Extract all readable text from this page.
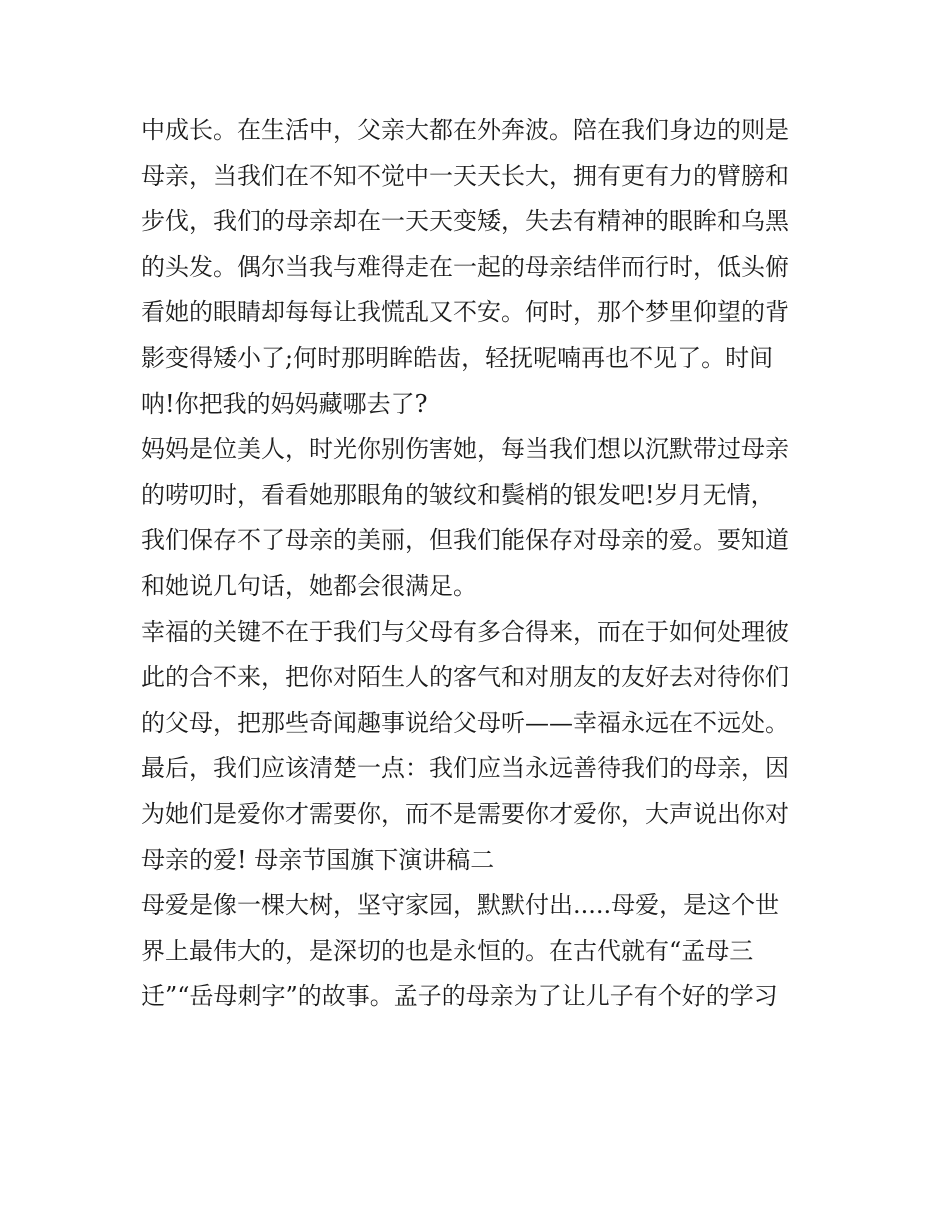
中成长。在生活中，父亲大都在外奔波。陪在我们身边的则是
母亲，当我们在不知不觉中一天天长大，拥有更有力的臂膀和
步伐，我们的母亲却在一天天变矮，失去有精神的眼眸和乌黑
的头发。偶尔当我与难得走在一起的母亲结伴而行时，低头俯
看她的眼睛却每每让我慌乱又不安。何时，那个梦里仰望的背
影变得矮小了;何时那明眸皓齿，轻抚呢喃再也不见了。时间
呐!你把我的妈妈藏哪去了?
妈妈是位美人，时光你别伤害她，每当我们想以沉默带过母亲
的唠叨时，看看她那眼角的皱纹和鬓梢的银发吧!岁月无情，
我们保存不了母亲的美丽，但我们能保存对母亲的爱。要知道
和她说几句话，她都会很满足。
幸福的关键不在于我们与父母有多合得来，而在于如何处理彼
此的合不来，把你对陌生人的客气和对朋友的友好去对待你们
的父母，把那些奇闻趣事说给父母听——幸福永远在不远处。
最后，我们应该清楚一点：我们应当永远善待我们的母亲，因
为她们是爱你才需要你，而不是需要你才爱你，大声说出你对
母亲的爱! 母亲节国旗下演讲稿二
母爱是像一棵大树，坚守家园，默默付出.....母爱，是这个世
界上最伟大的，是深切的也是永恒的。在古代就有“孟母三
迁”“岳母刺字”的故事。孟子的母亲为了让儿子有个好的学习
